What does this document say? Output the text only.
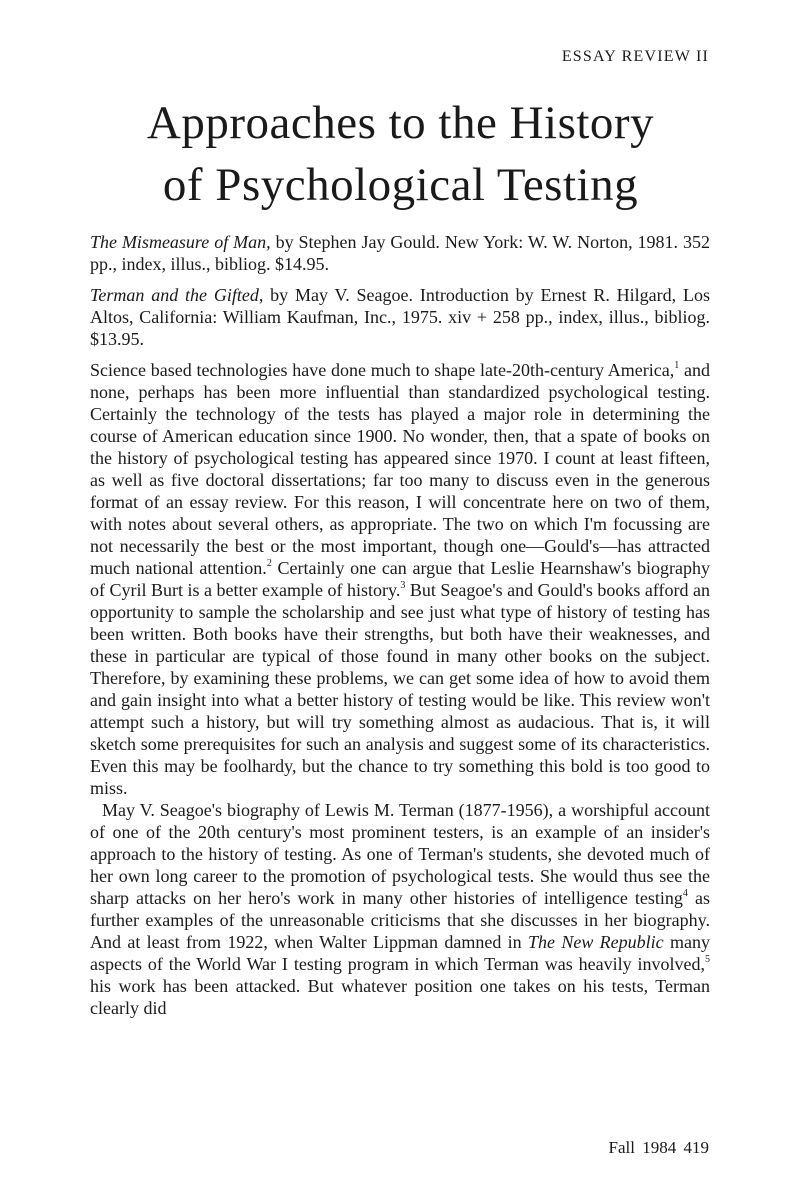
ESSAY REVIEW II
Approaches to the History
of Psychological Testing

The Mismeasure of Man, by Stephen Jay Gould. New York: W. W. Norton, 1981. 352 pp., index, illus., bibliog. $14.95.

Terman and the Gifted, by May V. Seagoe. Introduction by Ernest R. Hilgard, Los Altos, California: William Kaufman, Inc., 1975. xiv + 258 pp., index, illus., bibliog. $13.95.

Science based technologies have done much to shape late-20th-century America,$^1$ and none, perhaps has been more influential than standardized psychological testing. Certainly the technology of the tests has played a major role in determining the course of American education since 1900. No wonder, then, that a spate of books on the history of psychological testing has appeared since 1970. I count at least fifteen, as well as five doctoral dissertations; far too many to discuss even in the generous format of an essay review. For this reason, I will concentrate here on two of them, with notes about several others, as appropriate. The two on which I'm focussing are not necessarily the best or the most important, though one—Gould's—has attracted much national attention.$^2$ Certainly one can argue that Leslie Hearnshaw's biography of Cyril Burt is a better example of history.$^3$ But Seagoe's and Gould's books afford an opportunity to sample the scholarship and see just what type of history of testing has been written. Both books have their strengths, but both have their weaknesses, and these in particular are typical of those found in many other books on the subject. Therefore, by examining these problems, we can get some idea of how to avoid them and gain insight into what a better history of testing would be like. This review won't attempt such a history, but will try something almost as audacious. That is, it will sketch some prerequisites for such an analysis and suggest some of its characteristics. Even this may be foolhardy, but the chance to try something this bold is too good to miss.

May V. Seagoe's biography of Lewis M. Terman (1877-1956), a worshipful account of one of the 20th century's most prominent testers, is an example of an insider's approach to the history of testing. As one of Terman's students, she devoted much of her own long career to the promotion of psychological tests. She would thus see the sharp attacks on her hero's work in many other histories of intelligence testing$^4$ as further examples of the unreasonable criticisms that she discusses in her biography. And at least from 1922, when Walter Lippman damned in The New Republic many aspects of the World War I testing program in which Terman was heavily involved,$^5$ his work has been attacked. But whatever position one takes on his tests, Terman clearly did

Fall 1984 419
